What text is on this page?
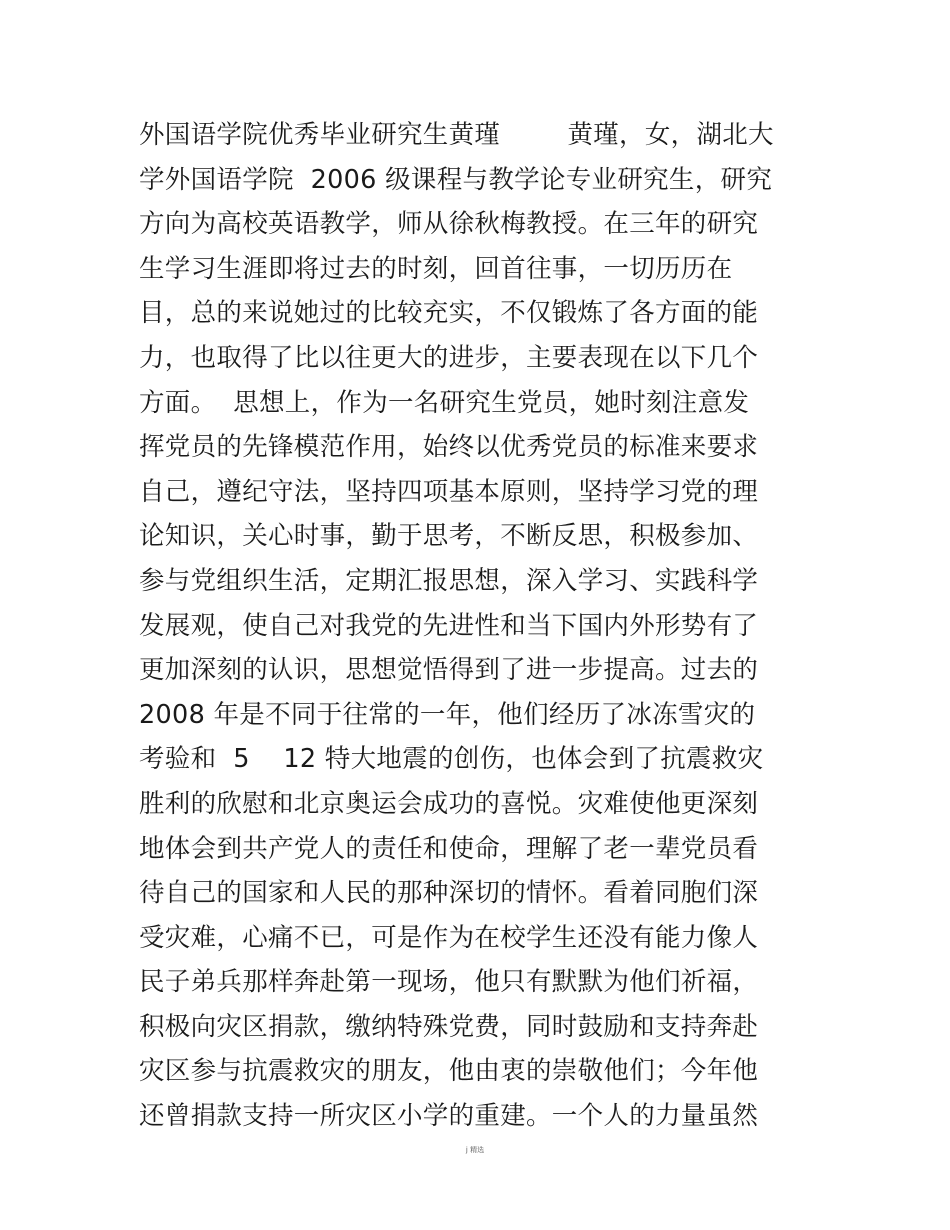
外国语学院优秀毕业研究生黄瑾        黄瑾，女，湖北大
学外国语学院  2006 级课程与教学论专业研究生，研究
方向为高校英语教学，师从徐秋梅教授。在三年的研究
生学习生涯即将过去的时刻，回首往事，一切历历在
目，总的来说她过的比较充实，不仅锻炼了各方面的能
力，也取得了比以往更大的进步，主要表现在以下几个
方面。  思想上，作为一名研究生党员，她时刻注意发
挥党员的先锋模范作用，始终以优秀党员的标准来要求
自己，遵纪守法，坚持四项基本原则，坚持学习党的理
论知识，关心时事，勤于思考，不断反思，积极参加、
参与党组织生活，定期汇报思想，深入学习、实践科学
发展观，使自己对我党的先进性和当下国内外形势有了
更加深刻的认识，思想觉悟得到了进一步提高。过去的
2008 年是不同于往常的一年，他们经历了冰冻雪灾的
考验和  5    12 特大地震的创伤，也体会到了抗震救灾
胜利的欣慰和北京奥运会成功的喜悦。灾难使他更深刻
地体会到共产党人的责任和使命，理解了老一辈党员看
待自己的国家和人民的那种深切的情怀。看着同胞们深
受灾难，心痛不已，可是作为在校学生还没有能力像人
民子弟兵那样奔赴第一现场，他只有默默为他们祈福，
积极向灾区捐款，缴纳特殊党费，同时鼓励和支持奔赴
灾区参与抗震救灾的朋友，他由衷的崇敬他们；今年他
还曾捐款支持一所灾区小学的重建。一个人的力量虽然
j 精选
